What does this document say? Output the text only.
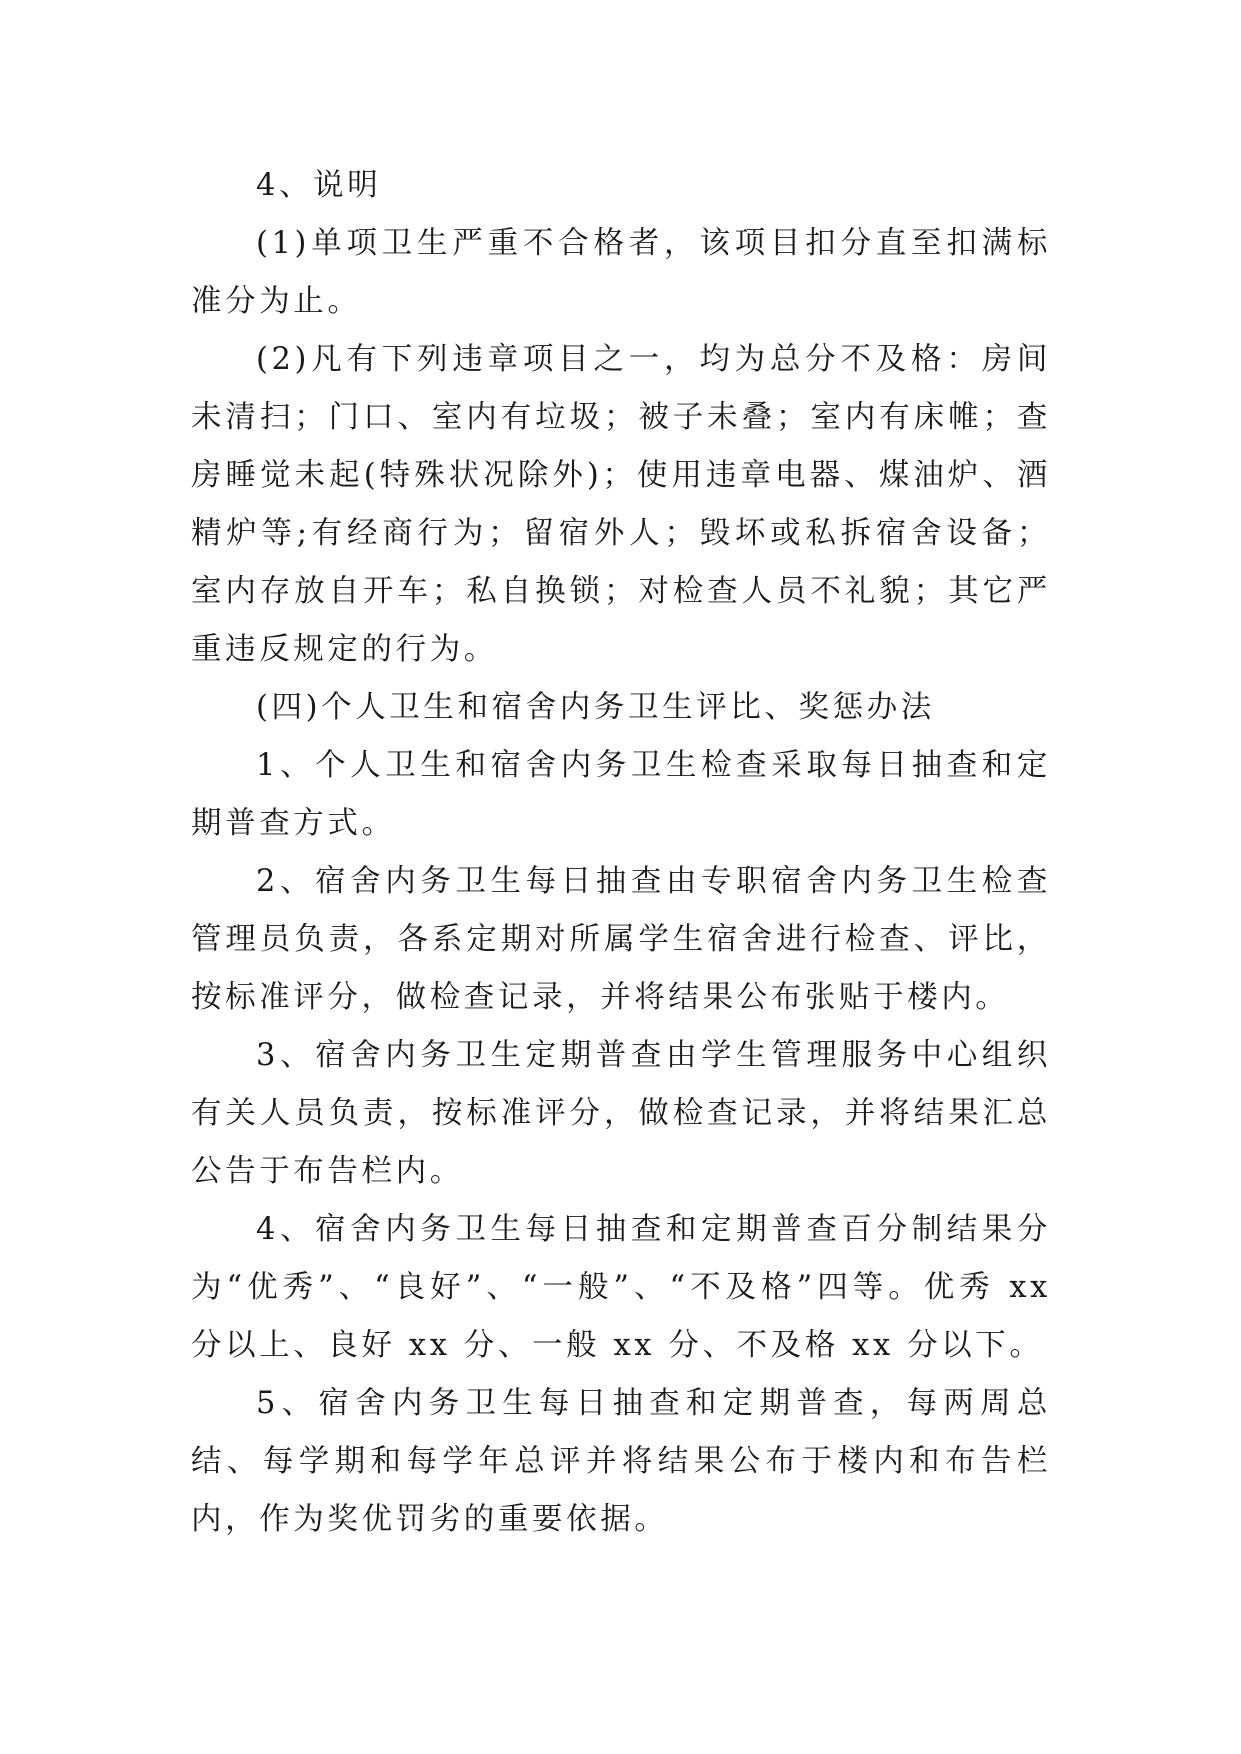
4、说明

(1)单项卫生严重不合格者，该项目扣分直至扣满标准分为止。

(2)凡有下列违章项目之一，均为总分不及格：房间未清扫；门口、室内有垃圾；被子未叠；室内有床帷；查房睡觉未起(特殊状况除外)；使用违章电器、煤油炉、酒精炉等;有经商行为；留宿外人；毁坏或私拆宿舍设备；室内存放自开车；私自换锁；对检查人员不礼貌；其它严重违反规定的行为。

(四)个人卫生和宿舍内务卫生评比、奖惩办法

1、个人卫生和宿舍内务卫生检查采取每日抽查和定期普查方式。

2、宿舍内务卫生每日抽查由专职宿舍内务卫生检查管理员负责，各系定期对所属学生宿舍进行检查、评比，按标准评分，做检查记录，并将结果公布张贴于楼内。

3、宿舍内务卫生定期普查由学生管理服务中心组织有关人员负责，按标准评分，做检查记录，并将结果汇总公告于布告栏内。

4、宿舍内务卫生每日抽查和定期普查百分制结果分为“优秀”、“良好”、“一般”、“不及格”四等。优秀 xx 分以上、良好 xx 分、一般 xx 分、不及格 xx 分以下。

5、宿舍内务卫生每日抽查和定期普查，每两周总结、每学期和每学年总评并将结果公布于楼内和布告栏内，作为奖优罚劣的重要依据。
